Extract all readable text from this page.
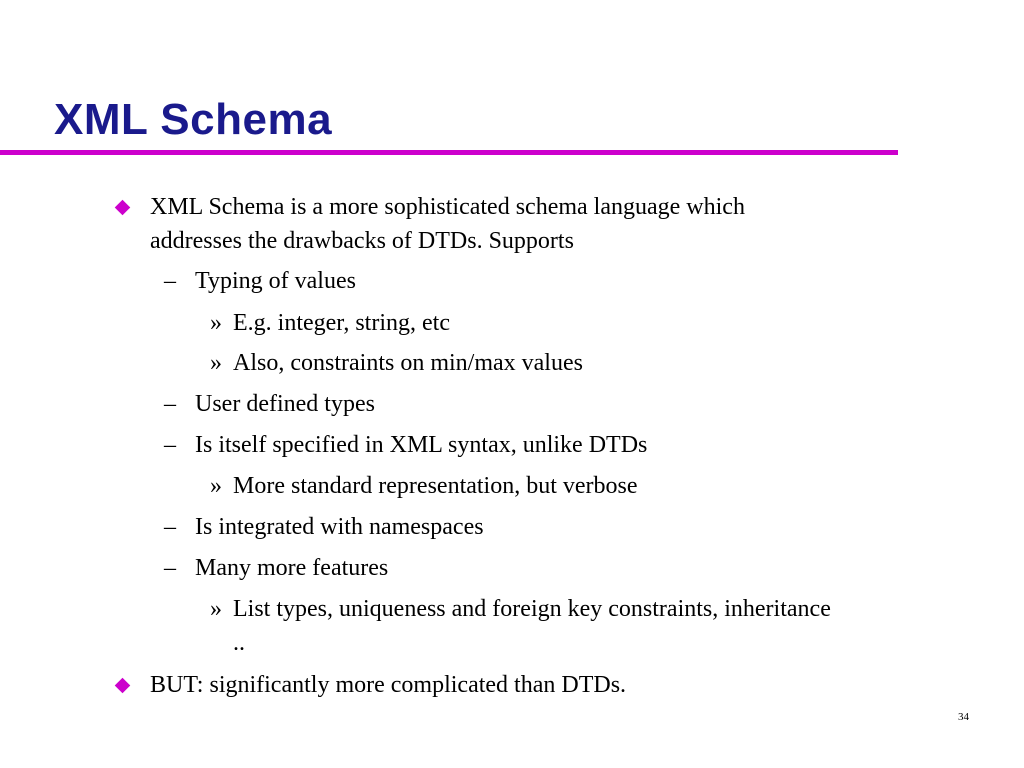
XML Schema
XML Schema is a more sophisticated schema language which
addresses the drawbacks of DTDs. Supports
– Typing of values
» E.g. integer, string, etc
» Also, constraints on min/max values
– User defined types
– Is itself specified in XML syntax, unlike DTDs
» More standard representation, but verbose
– Is integrated with namespaces
– Many more features
» List types, uniqueness and foreign key constraints, inheritance
..
BUT: significantly more complicated than DTDs.
34
